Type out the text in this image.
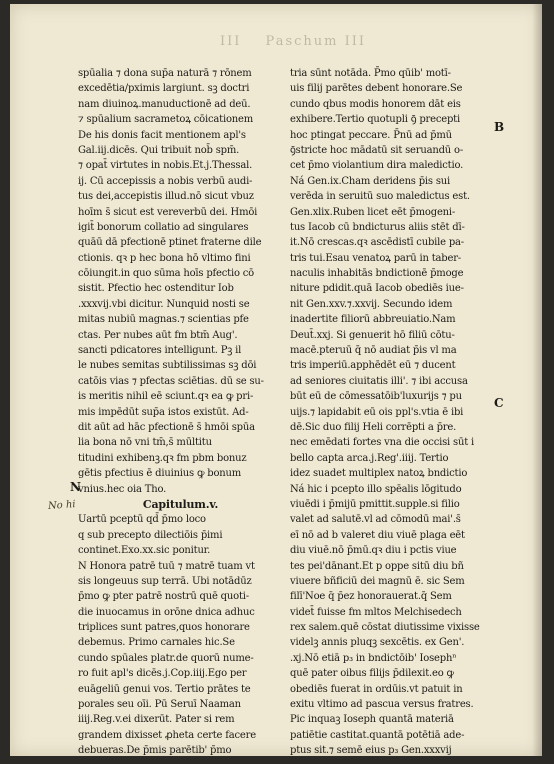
III Paschum III
spūalia ⁊ dona sup̄a naturā ⁊ rōnem
excedētia/pximis largiunt. sꝫ doctri
nam diuinoꝝ.manuductionē ad deū.
⁊ spūalium sacrametoꝝ cōicationem
De his donis facit mentionem apl's
Gal.iij.dicēs. Qui tribuit nob̄ spm̄.
⁊ opat̄ virtutes in nobis.Et.j.Thessal.
ij. Cū accepissis a nobis verbū audi-
tus dei,accepistis illud.nō sicut vbuz
hoīm s̄ sicut est vereverbū dei. Hmōi
igit̄ bonorum collatio ad singulares
quāū dā pfectionē ptinet fraterne dile
ctionis. qꝛ p hec bona hō vltimo fini
cōiungit.in quo sūma hoīs pfectio cō
sistit. Pfectio hec ostenditur Iob
.xxxvij.vbi dicitur. Nunquid nosti se
mitas nubiū magnas.⁊ scientias pfe
ctas. Per nubes aūt fm btm̄ Aug'.
sancti pdicatores intelligunt. Pꝫ il
le nubes semitas subtilissimas sꝫ dōi
catōis vias ⁊ pfectas sciētias. dū se su-
is meritis nihil eē sciunt.qꝛ ea ꝙ pri-
mis impēdūt sup̄a istos existūt. Ad-
dit aūt ad hāc pfectionē s̄ hmōi spūa
lia bona nō vni tm̄,s̄ mūltitu
titudini exhibenꝫ.qꝛ fm pbm bonuz
gētis pfectius ē diuinius ꝙ bonum
vnius.hec oia Tho.
Capitulum.v.
Uartū pceptū qd̄ p̄mo loco
q sub precepto dilectiōis p̄imi
continet.Exo.xx.sic ponitur.
N Honora patrē tuū ⁊ matrē tuam vt
sis longeuus sup terrā. Ubi notādūz
p̄mo ꝙ pter patrē nostrū quē quoti-
die inuocamus in orōne dnica adhuc
triplices sunt patres,quos honorare
debemus. Primo carnales hic.Se
cundo spūales platr.de quorū nume-
ro fuit apl's dicēs.j.Cop.iiij.Ego per
euāgeliū genui vos. Tertio prātes te
porales seu oīi. Pū Seruī Naaman
iiij.Reg.v.ei dixerūt. Pater si rem
grandem dixisset ꝓheta certe facere
debueras.De p̄mis parētib' p̄mo
tria sūnt notāda. P̄mo qūib' motī-
uis filij parētes debent honorare.Se
cundo qbus modis honorem dāt eis
exhibere.Tertio quotupli ꝯ̄ precepti
hoc ptingat peccare. P̄nū ad p̄mū
ꝯ̄stricte hoc mādatū sit seruandū o-
cet p̄mo violantium dira maledictio.
Ná Gen.ix.Cham deridens p̄is sui
verēda in seruitū suo maledictus est.
Gen.xlix.Ruben licet eēt p̄mogeni-
tus Iacob cū bndicturus aliis stēt dī-
it.Nō crescas.qꝛ ascēdistī cubile pa-
tris tui.Esau venatoꝝ parū in taber-
naculis inhabitās bndictionē p̄moge
niture pdidit.quā Iacob obediēs iue-
nit Gen.xxv.⁊.xxvij. Secundo idem
inadertite filiorū abbreuiatio.Nam
Deut̄.xxj. Si genuerit hō filiū cōtu-
macē.pteruū q̄ nō audiat p̄is vl ma
tris imperiū.apphēdēt eū ⁊ ducent
ad seniores ciuitatis illi'. ⁊ ibi accusa
būt eū de cōmessatōib'luxurijs ⁊ pu
uijs.⁊ lapidabit eū ois ppl's.vtia ē ibi
dē.Sic duo filij Heli corrēpti a p̄re.
nec emēdati fortes vna die occisi sūt i
bello capta arca.j.Reg'.iiij. Tertio
idez suadet multiplex natoꝝ bndictio
Ná hic i pcepto illo spēalis lōgitudo
viuēdi i p̄mijū pmittit.supple.si filio
valet ad salutē.vl ad cōmodū mai'.s̄
eī nō ad b valeret diu viuē plaga eēt
diu viuē.nō p̄mū.qꝛ diu i pctis viue
tes pei'dānant.Et p oppe sitū diu bñ
viuere bñficiū dei magnū ē. sic Sem
filī'Noe q̄ p̄ez honorauerat.q̄ Sem
videt̄ fuisse fm mltos Melchisedech
rex salem.quē cōstat diutissime vixisse
videlꝫ annis pluqꝫ sexcētis. ex Gen'.
.xj.Nō etiā p₃ in bndictōib' Iosephⁿ
quē pater oibus filijs p̄dilexit.eo ꝙ
obediēs fuerat in ordūis.vt patuit in
exitu vltimo ad pascua versus fratres.
Pic inquaꝫ Ioseph quantā materiā
patiētie castitat.quantā potētiā ade-
ptus sit.⁊ semē eius p₃ Gen.xxxvij
N
No hi
B
C
